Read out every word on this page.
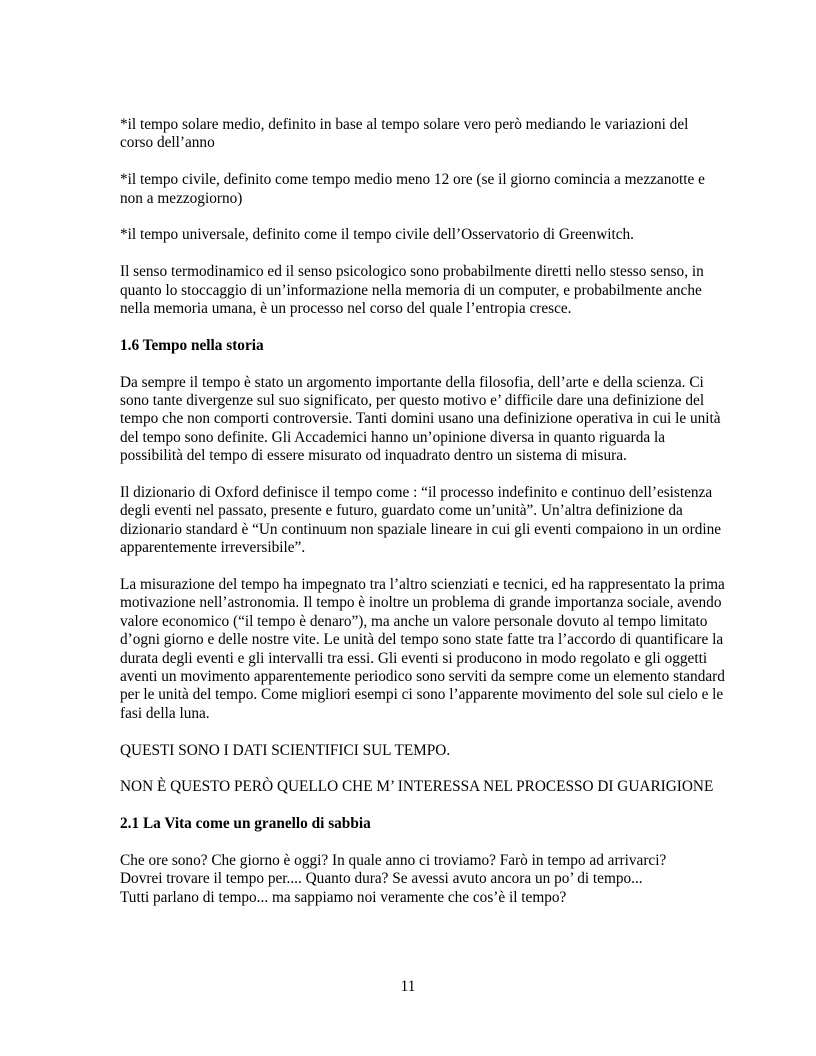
*il tempo solare medio, definito in base al tempo solare vero però mediando le variazioni del corso dell’anno

*il tempo civile, definito come tempo medio meno 12 ore (se il giorno comincia a mezzanotte e non a mezzogiorno)

*il tempo universale, definito come il tempo civile dell’Osservatorio di Greenwitch.

Il senso termodinamico ed il senso psicologico sono probabilmente diretti nello stesso senso, in quanto lo stoccaggio di un’informazione nella memoria di un computer, e probabilmente anche nella memoria umana, è un processo nel corso del quale l’entropia cresce.

1.6 Tempo nella storia

Da sempre il tempo è stato un argomento importante della filosofia, dell’arte e della scienza. Ci sono tante divergenze sul suo significato, per questo motivo e’ difficile dare una definizione del tempo che non comporti controversie. Tanti domini usano una definizione operativa in cui le unità del tempo sono definite. Gli Accademici hanno un’opinione diversa in quanto riguarda la possibilità del tempo di essere misurato od inquadrato dentro un sistema di misura.

Il dizionario di Oxford definisce il tempo come : “il processo indefinito e continuo dell’esistenza degli eventi nel passato, presente e futuro, guardato come un’unità”. Un’altra definizione da dizionario standard è “Un continuum non spaziale lineare in cui gli eventi compaiono in un ordine apparentemente irreversibile”.

La misurazione del tempo ha impegnato tra l’altro scienziati e tecnici, ed ha rappresentato la prima motivazione nell’astronomia. Il tempo è inoltre un problema di grande importanza sociale, avendo valore economico (“il tempo è denaro”), ma anche un valore personale dovuto al tempo limitato d’ogni giorno e delle nostre vite. Le unità del tempo sono state fatte tra l’accordo di quantificare la durata degli eventi e gli intervalli tra essi. Gli eventi si producono in modo regolato e gli oggetti aventi un movimento apparentemente periodico sono serviti da sempre come un elemento standard per le unità del tempo. Come migliori esempi ci sono l’apparente movimento del sole sul cielo e le fasi della luna.

QUESTI SONO I DATI SCIENTIFICI SUL TEMPO.

NON È QUESTO PERÒ QUELLO CHE M’ INTERESSA NEL PROCESSO DI GUARIGIONE

2.1 La Vita come un granello di sabbia

Che ore sono? Che giorno è oggi? In quale anno ci troviamo? Farò in tempo ad arrivarci?
Dovrei trovare il tempo per.... Quanto dura? Se avessi avuto ancora un po’ di tempo...
Tutti parlano di tempo... ma sappiamo noi veramente che cos’è il tempo?

11
